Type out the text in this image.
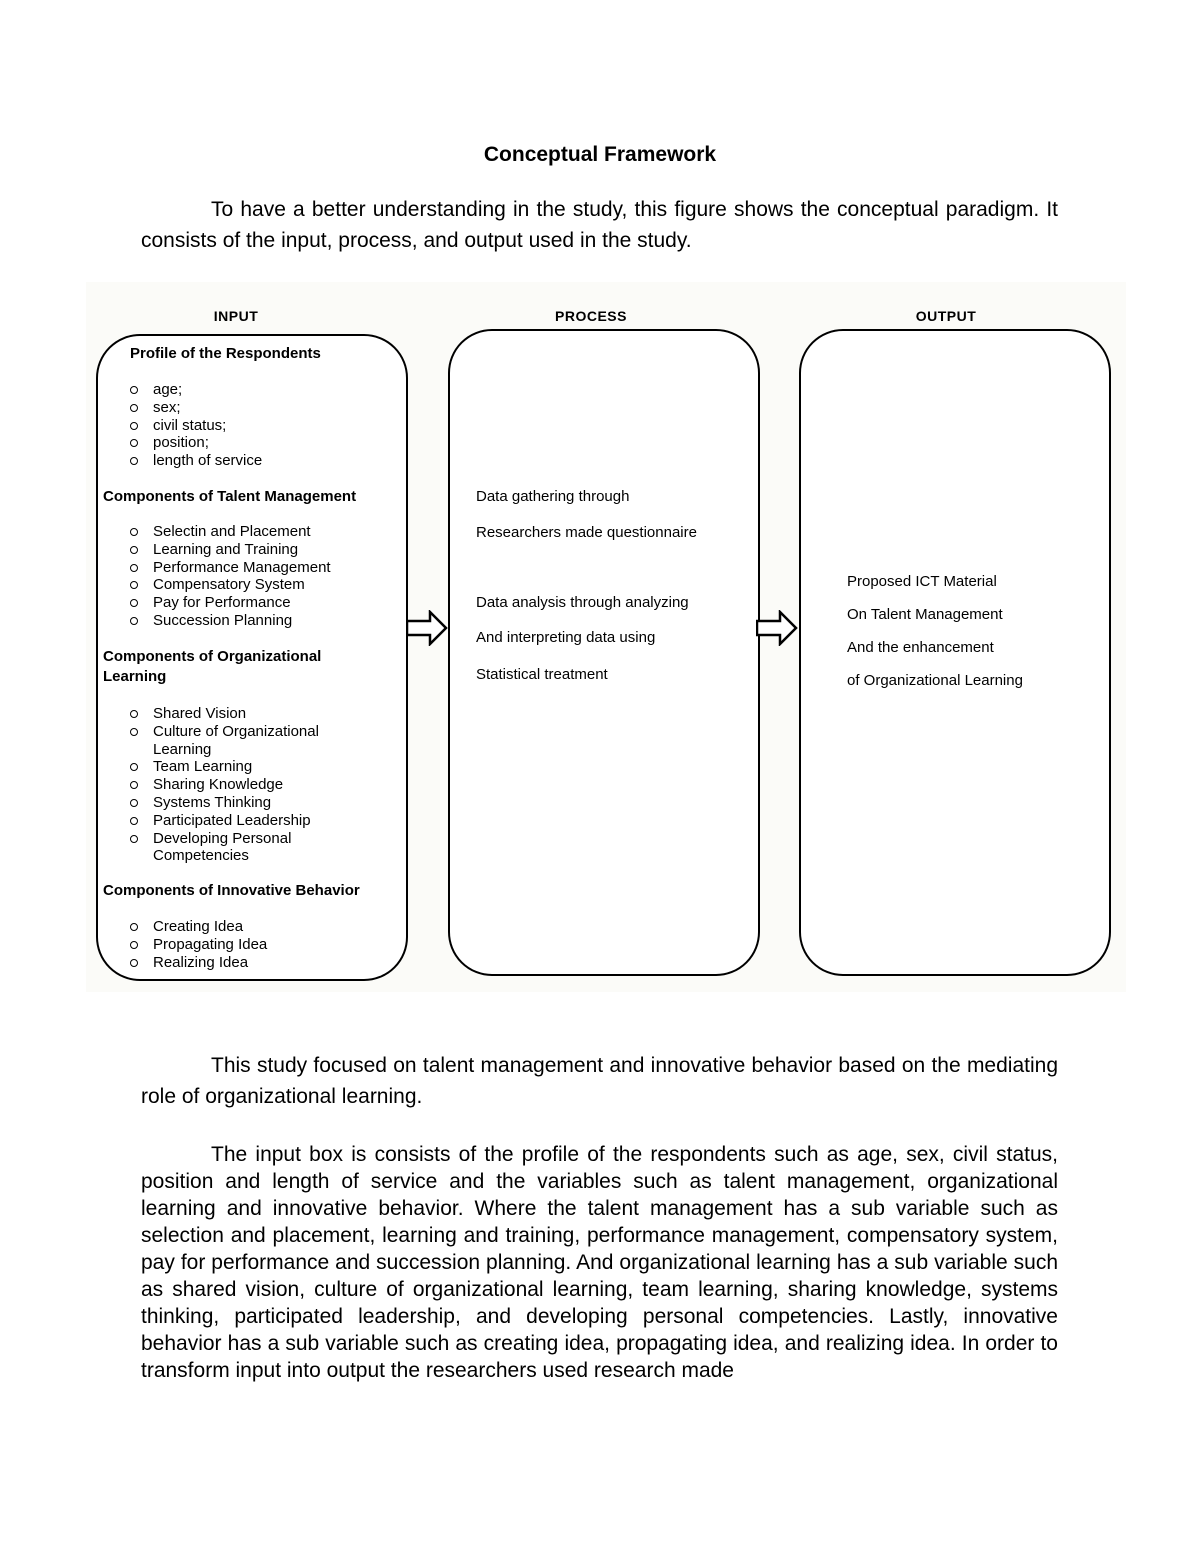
Conceptual Framework

To have a better understanding in the study, this figure shows the conceptual paradigm. It consists of the input, process, and output used in the study.

INPUT	PROCESS	OUTPUT
Profile of the Respondents
age;
sex;
civil status;
position;
length of service
Components of Talent Management
Selectin and Placement
Learning and Training
Performance Management
Compensatory System
Pay for Performance
Succession Planning
Components of Organizational
Learning
Shared Vision
Culture of Organizational Learning
Team Learning
Sharing Knowledge
Systems Thinking
Participated Leadership
Developing Personal Competencies
Components of Innovative Behavior
Creating Idea
Propagating Idea
Realizing Idea
Data gathering through
Researchers made questionnaire
Data analysis through analyzing
And interpreting data using
Statistical treatment
Proposed ICT Material
On Talent Management
And the enhancement
of Organizational Learning

This study focused on talent management and innovative behavior based on the mediating role of organizational learning.

The input box is consists of the profile of the respondents such as age, sex, civil status, position and length of service and the variables such as talent management, organizational learning and innovative behavior. Where the talent management has a sub variable such as selection and placement, learning and training, performance management, compensatory system, pay for performance and succession planning. And organizational learning has a sub variable such as shared vision, culture of organizational learning, team learning, sharing knowledge, systems thinking, participated leadership, and developing personal competencies. Lastly, innovative behavior has a sub variable such as creating idea, propagating idea, and realizing idea. In order to transform input into output the researchers used research made
